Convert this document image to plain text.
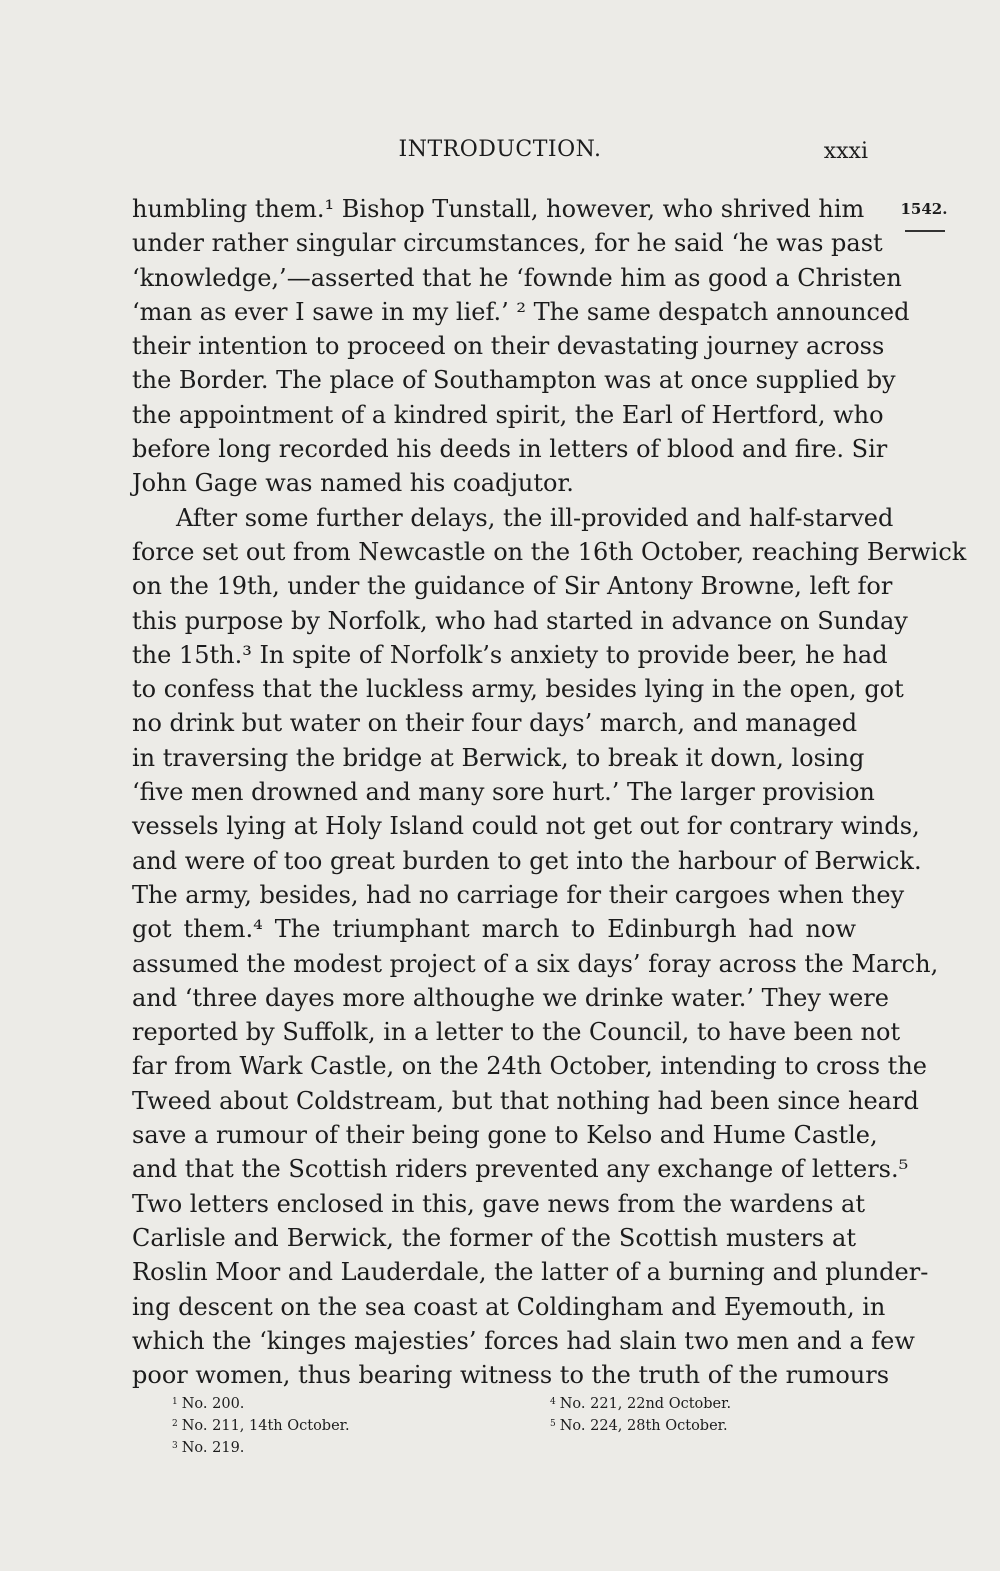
INTRODUCTION.	xxxi
1542.
humbling them.¹ Bishop Tunstall, however, who shrived him
under rather singular circumstances, for he said ‘he was past
‘knowledge,’—asserted that he ‘fownde him as good a Christen
‘man as ever I sawe in my lief.’ ² The same despatch announced
their intention to proceed on their devastating journey across
the Border. The place of Southampton was at once supplied by
the appointment of a kindred spirit, the Earl of Hertford, who
before long recorded his deeds in letters of blood and fire. Sir
John Gage was named his coadjutor.
After some further delays, the ill-provided and half-starved
force set out from Newcastle on the 16th October, reaching Berwick
on the 19th, under the guidance of Sir Antony Browne, left for
this purpose by Norfolk, who had started in advance on Sunday
the 15th.³ In spite of Norfolk’s anxiety to provide beer, he had
to confess that the luckless army, besides lying in the open, got
no drink but water on their four days’ march, and managed
in traversing the bridge at Berwick, to break it down, losing
‘five men drowned and many sore hurt.’ The larger provision
vessels lying at Holy Island could not get out for contrary winds,
and were of too great burden to get into the harbour of Berwick.
The army, besides, had no carriage for their cargoes when they
got them.⁴ The triumphant march to Edinburgh had now
assumed the modest project of a six days’ foray across the March,
and ‘three dayes more althoughe we drinke water.’ They were
reported by Suffolk, in a letter to the Council, to have been not
far from Wark Castle, on the 24th October, intending to cross the
Tweed about Coldstream, but that nothing had been since heard
save a rumour of their being gone to Kelso and Hume Castle,
and that the Scottish riders prevented any exchange of letters.⁵
Two letters enclosed in this, gave news from the wardens at
Carlisle and Berwick, the former of the Scottish musters at
Roslin Moor and Lauderdale, the latter of a burning and plunder-
ing descent on the sea coast at Coldingham and Eyemouth, in
which the ‘kinges majesties’ forces had slain two men and a few
poor women, thus bearing witness to the truth of the rumours
$^1$ No. 200.
$^2$ No. 211, 14th October.
$^3$ No. 219.
$^4$ No. 221, 22nd October.
$^5$ No. 224, 28th October.
